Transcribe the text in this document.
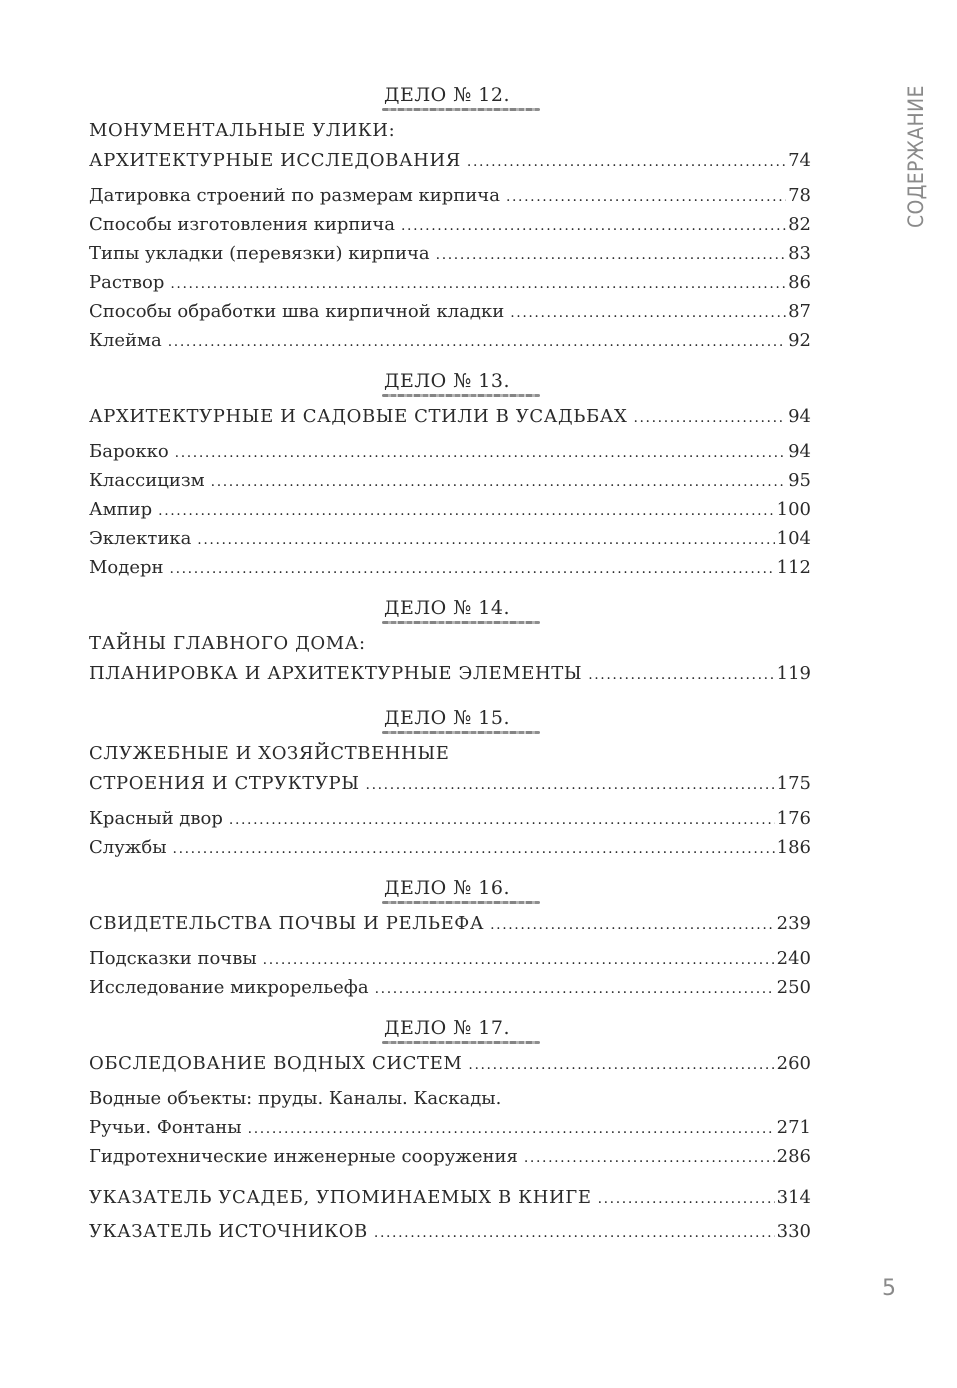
СОДЕРЖАНИЕ
ДЕЛО № 12.
МОНУМЕНТАЛЬНЫЕ УЛИКИ:
АРХИТЕКТУРНЫЕ ИССЛЕДОВАНИЯ .....	74
Датировка строений по размерам кирпича .....	78
Способы изготовления кирпича .....	82
Типы укладки (перевязки) кирпича .....	83
Раствор .....	86
Способы обработки шва кирпичной кладки .....	87
Клейма .....	92
ДЕЛО № 13.
АРХИТЕКТУРНЫЕ И САДОВЫЕ СТИЛИ В УСАДЬБАХ .....	94
Барокко .....	94
Классицизм .....	95
Ампир .....	100
Эклектика .....	104
Модерн .....	112
ДЕЛО № 14.
ТАЙНЫ ГЛАВНОГО ДОМА:
ПЛАНИРОВКА И АРХИТЕКТУРНЫЕ ЭЛЕМЕНТЫ .....	119
ДЕЛО № 15.
СЛУЖЕБНЫЕ И ХОЗЯЙСТВЕННЫЕ
СТРОЕНИЯ И СТРУКТУРЫ .....	175
Красный двор .....	176
Службы .....	186
ДЕЛО № 16.
СВИДЕТЕЛЬСТВА ПОЧВЫ И РЕЛЬЕФА .....	239
Подсказки почвы .....	240
Исследование микрорельефа .....	250
ДЕЛО № 17.
ОБСЛЕДОВАНИЕ ВОДНЫХ СИСТЕМ .....	260
Водные объекты: пруды. Каналы. Каскады.
Ручьи. Фонтаны .....	271
Гидротехнические инженерные сооружения .....	286
УКАЗАТЕЛЬ УСАДЕБ, УПОМИНАЕМЫХ В КНИГЕ .....	314
УКАЗАТЕЛЬ ИСТОЧНИКОВ .....	330
5
